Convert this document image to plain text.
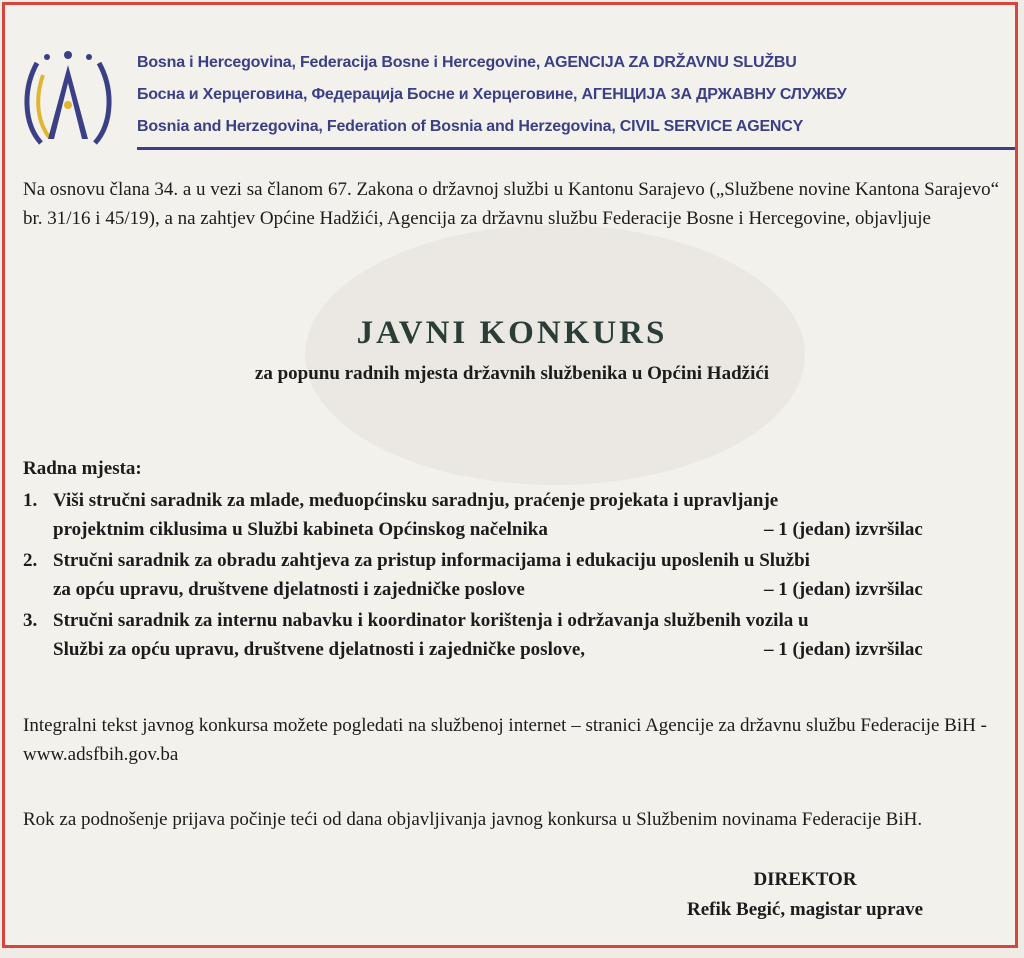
Bosna i Hercegovina, Federacija Bosne i Hercegovine, AGENCIJA ZA DRŽAVNU SLUŽBU
Босна и Херцеговина, Федерација Босне и Херцеговине, АГЕНЦИЈА ЗА ДРЖАВНУ СЛУЖБУ
Bosnia and Herzegovina, Federation of Bosnia and Herzegovina, CIVIL SERVICE AGENCY
Na osnovu člana 34. a u vezi sa članom 67. Zakona o državnoj službi u Kantonu Sarajevo („Službene novine Kantona Sarajevo“ br. 31/16 i 45/19), a na zahtjev Općine Hadžići, Agencija za državnu službu Federacije Bosne i Hercegovine, objavljuje
JAVNI KONKURS
za popunu radnih mjesta državnih službenika u Općini Hadžići
Radna mjesta:
1. Viši stručni saradnik za mlade, međuopćinsku saradnju, praćenje projekata i upravljanje
projektnim ciklusima u Službi kabineta Općinskog načelnika	– 1 (jedan) izvršilac
2. Stručni saradnik za obradu zahtjeva za pristup informacijama i edukaciju uposlenih u Službi
za opću upravu, društvene djelatnosti i zajedničke poslove	– 1 (jedan) izvršilac
3. Stručni saradnik za internu nabavku i koordinator korištenja i održavanja službenih vozila u
Službi za opću upravu, društvene djelatnosti i zajedničke poslove,	– 1 (jedan) izvršilac
Integralni tekst javnog konkursa možete pogledati na službenoj internet – stranici Agencije za državnu službu Federacije BiH - www.adsfbih.gov.ba
Rok za podnošenje prijava počinje teći od dana objavljivanja javnog konkursa u Službenim novinama Federacije BiH.
DIREKTOR
Refik Begić, magistar uprave
